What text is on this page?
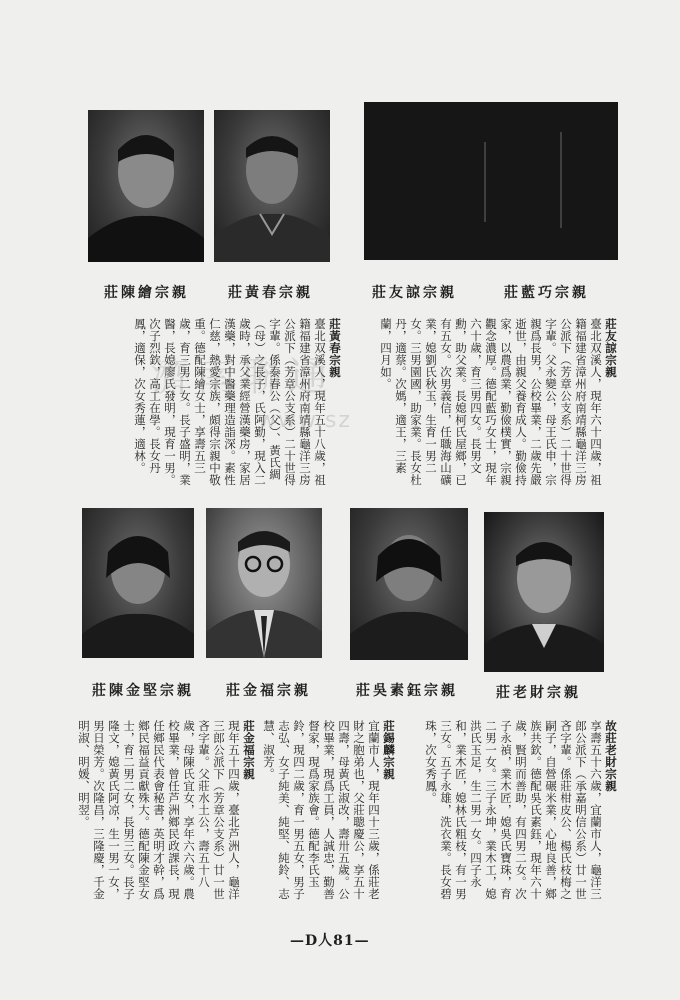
莊陳繪宗親	莊黃春宗親	莊友諒宗親	莊藍巧宗親

莊友諒宗親

臺北双溪人，現年六十四歲，祖籍福建省漳州府南靖縣龜洋三房公派下（芳章公支系）二十世得字輩。父永變公，母王氏申，宗親爲長男，公校畢業，二歲先嚴逝世，由親父養育成人。勤儉持家，以農爲業，勤儉樸實，宗親觀念濃厚。德配藍巧女士，現年六十歲，育三男四女。長男文勳，助父業。長媳柯氏屋鄉，已有五女。次男義信，任職海山礦業，媳劉氏秋玉，生育一男二女。三男園國，助家業。長女杜丹，適蔡。次媽，適王，三素蘭，四月如。

莊黃春宗親

臺北双溪人，現年五十八歲，祖籍福建省漳州府南靖縣龜洋三房公派下（芳章公支系）二十世得字輩。係泰春公（父）、黃氏綢（母）之長子，氏阿勤，現入二歲時，承父業經營漢藥房，家居漢藥，對中醫藥理造詣深。素性仁慈，熱愛宗族，頗得宗親中敬重。德配陳繪女士，享壽五三歲，育三男二女。長子盛明，業醫，長媳廖氏發明，現育一男。次子烈欽，高工在學。長女丹鳳，適保，次女秀蓮，適林。

莊陳金堅宗親 莊金福宗親	莊吳素鈺宗親	莊老財宗親

故莊老財宗親

享壽五十六歲，宜蘭市人，龜洋三郎公派下（承嘉明信公系）廿一世吝字輩。係莊柑皮公、楊氏枝梅之嗣子，自營碾米業，心地良善，鄉族共欽。德配吳氏素鈺，現年六十歲，賢明而善助，有四男二女。次子永禎，業木匠，媳吳氏寶珠，育二男一女。三子永坤，業木工，媳洪氏玉足，生二男一女。四子永和，業木匠，媳林氏粗枝，有一男三女。五子永雄，洗衣業。長女碧珠，次女秀鳳。

莊錫麟宗親

宜蘭市人，現年四十三歲，係莊老財之胞弟也，父莊聰慶公，享五十四壽，母黃氏淑改，壽卅五歲。公校畢業，現爲工員，人誠忠，勤善督家，現爲家族會。德配李氏玉鈴，現四二歲，育一男五女，男子志弘、女子純美、純堅、純鈴、志慧、淑芳。

莊金福宗親

現年五十四歲，臺北芦洲人，龜洋三郎公派下（芳章公支系）廿一世吝字輩。父莊水土公，壽五十八歲，母陳氏宜女，享年六六歲。農校畢業，曾任芦洲鄉民政課長，現任鄉民代表會秘書，英明才幹，爲鄉民福益貢獻殊大。德配陳金堅女士，育二男二女，長男三女。長子隆文，媳黃氏阿凉，生一男一女，男日榮芳。次隆昌，三隆慶，千金明淑、明媛、明翌。

濟南聯通
www.sz
—D人81—
